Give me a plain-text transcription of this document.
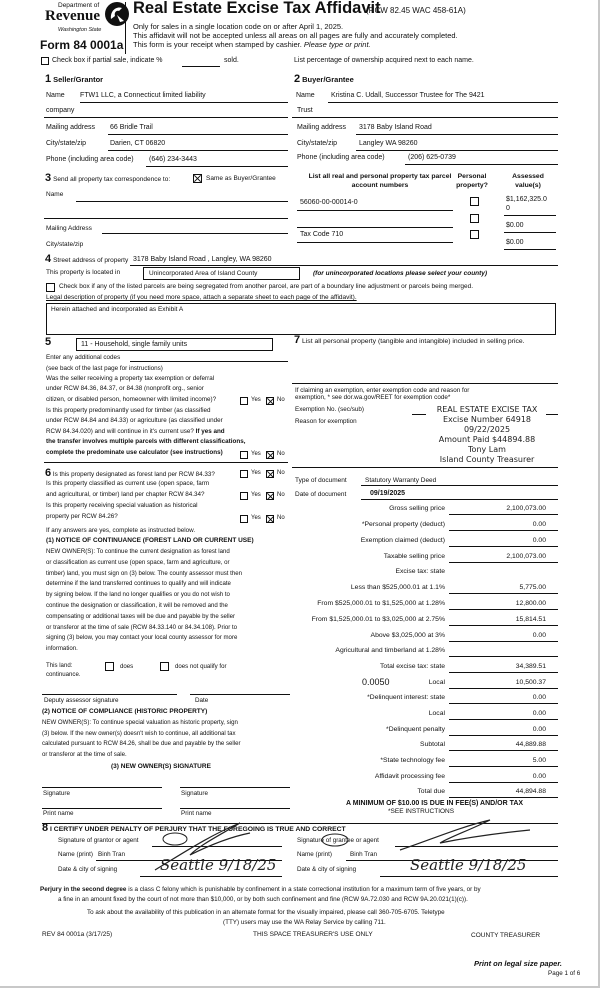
Department of
Revenue
Washington State
Form 84 0001a
Real Estate Excise Tax Affidavit
(RCW 82.45 WAC 458-61A)
Only for sales in a single location code on or after April 1, 2025.
This affidavit will not be accepted unless all areas on all pages are fully and accurately completed.
This form is your receipt when stamped by cashier. Please type or print.
Check box if partial sale, indicate %	sold.	List percentage of ownership acquired next to each name.
1 Seller/Grantor
Name FTW1 LLC, a Connecticut limited liability
company
Mailing address 66 Bridle Trail
City/state/zip	Darien, CT 06820
Phone (including area code) (646) 234-3443
2 Buyer/Grantee
Name Kristina C. Udall, Successor Trustee for The 9421
Trust
Mailing address 3178 Baby Island Road
City/state/zip	Langley WA 98260
Phone (including area code)	(206) 625-0739
3 Send all property tax correspondence to:	Same as Buyer/Grantee
Name
Mailing Address
City/state/zip
List all real and personal property tax parcel account numbers
Personal property?
Assessed value(s)
56060-00-00014-0	$1,162,325.0
0
$0.00
Tax Code 710
$0.00
4 Street address of property 3178 Baby Island Road , Langley, WA 98260
This property is located in	Unincorporated Area of Island County	(for unincorporated locations please select your county)
Check box if any of the listed parcels are being segregated from another parcel, are part of a boundary line adjustment or parcels being merged.
Legal description of property (if you need more space, attach a separate sheet to each page of the affidavit).
Herein attached and incorporated as Exhibit A
5	11 - Household, single family units
Enter any additional codes
(see back of the last page for instructions)
Was the seller receiving a property tax exemption or deferral
under RCW 84.36, 84.37, or 84.38 (nonprofit org., senior
citizen, or disabled person, homeowner with limited income)?	Yes	No
Is this property predominantly used for timber (as classified
under RCW 84.84 and 84.33) or agriculture (as classified under
RCW 84.34.020) and will continue in it's current use? If yes and
the transfer involves multiple parcels with different classifications,
complete the predominate use calculator (see instructions)	Yes	No
7 List all personal property (tangible and intangible) included in selling price.
If claiming an exemption, enter exemption code and reason for
exemption, * see dor.wa.gov/REET for exemption code*
Exemption No. (sec/sub)
Reason for exemption
REAL ESTATE EXCISE TAX
Excise Number 64918
09/22/2025
Amount Paid $44894.88
Tony Lam
Island County Treasurer
6 Is this property designated as forest land per RCW 84.33?	Yes	No
Is this property classified as current use (open space, farm
and agricultural, or timber) land per chapter RCW 84.34?	Yes	No
Is this property receiving special valuation as historical
property per RCW 84.26?	Yes	No
If any answers are yes, complete as instructed below.
(1) NOTICE OF CONTINUANCE (FOREST LAND OR CURRENT USE)
NEW OWNER(S): To continue the current designation as forest land
or classification as current use (open space, farm and agriculture, or
timber) land, you must sign on (3) below. The county assessor must then
determine if the land transferred continues to qualify and will indicate
by signing below. If the land no longer qualifies or you do not wish to
continue the designation or classification, it will be removed and the
compensating or additional taxes will be due and payable by the seller
or transferor at the time of sale (RCW 84.33.140 or 84.34.108). Prior to
signing (3) below, you may contact your local county assessor for more
information.
This land:
continuance.
does	does not qualify for
Deputy assessor signature	Date
(2) NOTICE OF COMPLIANCE (HISTORIC PROPERTY)
NEW OWNER(S): To continue special valuation as historic property, sign
(3) below. If the new owner(s) doesn't wish to continue, all additional tax
calculated pursuant to RCW 84.26, shall be due and payable by the seller
or transferor at the time of sale.
(3) NEW OWNER(S) SIGNATURE
Signature	Signature
Print name	Print name
Type of document	Statutory Warranty Deed
Date of document	09/19/2025
Gross selling price	2,100,073.00
*Personal property (deduct)	0.00
Exemption claimed (deduct)	0.00
Taxable selling price	2,100,073.00
Excise tax: state
Less than $525,000.01 at 1.1%	5,775.00
From $525,000.01 to $1,525,000 at 1.28%	12,800.00
From $1,525,000.01 to $3,025,000 at 2.75%	15,814.51
Above $3,025,000 at 3%	0.00
Agricultural and timberland at 1.28%
Total excise tax: state	34,389.51
0.0050	Local	10,500.37
*Delinquent interest: state	0.00
Local	0.00
*Delinquent penalty	0.00
Subtotal	44,889.88
*State technology fee	5.00
Affidavit processing fee	0.00
Total due	44,894.88
A MINIMUM OF $10.00 IS DUE IN FEE(S) AND/OR TAX
*SEE INSTRUCTIONS
8 I CERTIFY UNDER PENALTY OF PERJURY THAT THE FOREGOING IS TRUE AND CORRECT
Signature of grantor or agent
Name (print) Binh Tran
Date & city of signing	Seattle 9/18/25
Signature of grantee or agent
Name (print)	Binh Tran
Date & city of signing	Seattle 9/18/25
Perjury in the second degree is a class C felony which is punishable by confinement in a state correctional institution for a maximum term of five years, or by
a fine in an amount fixed by the court of not more than $10,000, or by both such confinement and fine (RCW 9A.72.030 and RCW 9A.20.021(1)(c)).
To ask about the availability of this publication in an alternate format for the visually impaired, please call 360-705-6705. Teletype
(TTY) users may use the WA Relay Service by calling 711.
REV 84 0001a (3/17/25)	THIS SPACE TREASURER'S USE ONLY	COUNTY TREASURER
Print on legal size paper.
Page 1 of 6
